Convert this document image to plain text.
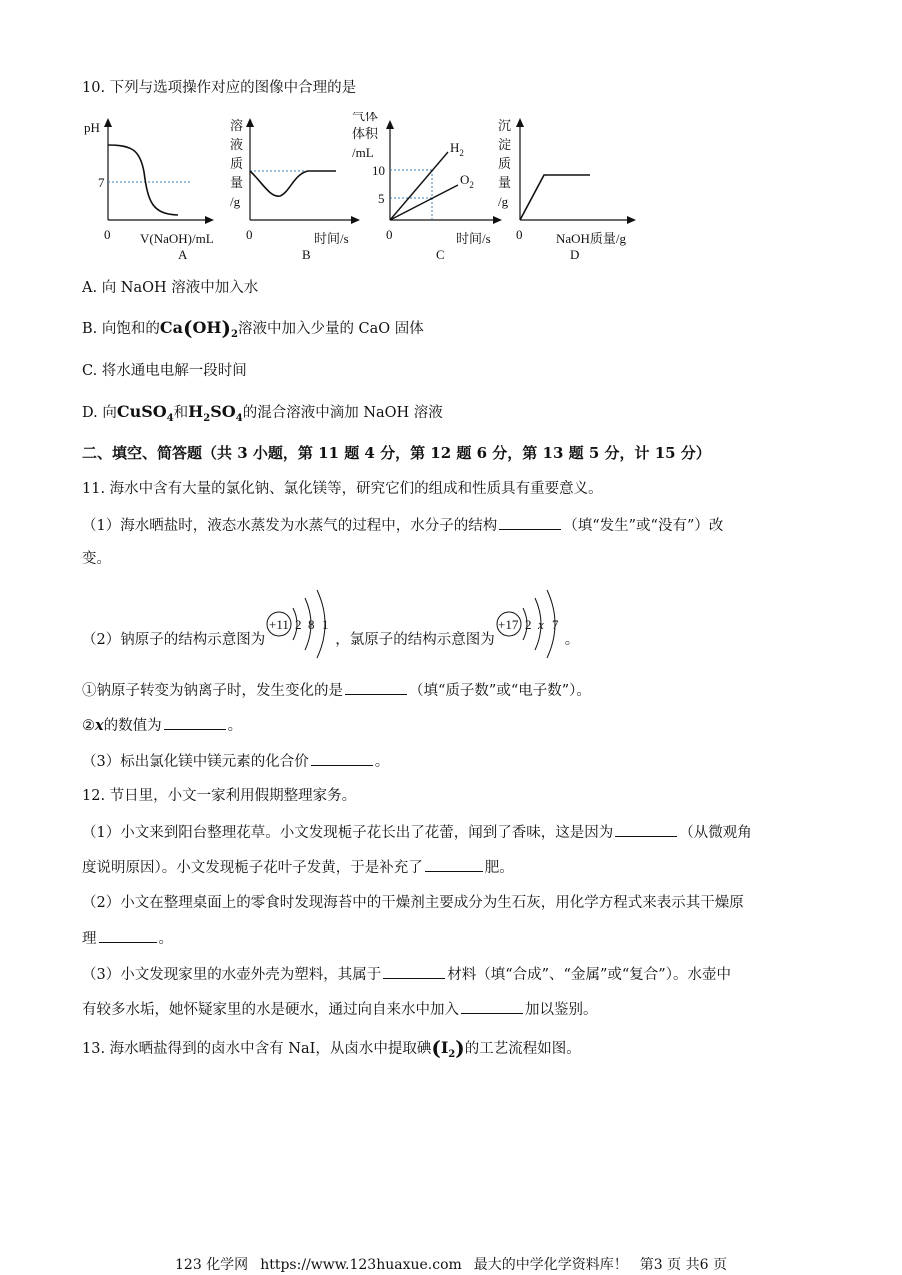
10. 下列与选项操作对应的图像中合理的是
pH
7
0 V(NaOH)/mL
A
溶
液
质
量
/g
0	时间/s
B
气体
体积
/mL
10
5
$H_2$
$O_2$
0	时间/s
C
沉
淀
质
量
/g
0	NaOH质量/g
D
A. 向 NaOH 溶液中加入水
B. 向饱和的$Ca(OH)_2$溶液中加入少量的 CaO 固体
C. 将水通电电解一段时间
D. 向CuSO$_4$和$H_2SO_4$的混合溶液中滴加 NaOH 溶液
二、填空、简答题（共 3 小题，第 11 题 4 分，第 12 题 6 分，第 13 题 5 分，计 15 分）
11. 海水中含有大量的氯化钠、氯化镁等，研究它们的组成和性质具有重要意义。
（1）海水晒盐时，液态水蒸发为水蒸气的过程中，水分子的结构	（填“发生”或“没有”）改
变。
（2）钠原子的结构示意图为
+11 2 8 1
，氯原子的结构示意图为
+17 2 x 7
。
①钠原子转变为钠离子时，发生变化的是	（填“质子数”或“电子数”）。
②x的数值为	。
（3）标出氯化镁中镁元素的化合价	。
12. 节日里，小文一家利用假期整理家务。
（1）小文来到阳台整理花草。小文发现栀子花长出了花蕾，闻到了香味，这是因为	（从微观角
度说明原因）。小文发现栀子花叶子发黄，于是补充了	肥。
（2）小文在整理桌面上的零食时发现海苔中的干燥剂主要成分为生石灰，用化学方程式来表示其干燥原
理	。
（3）小文发现家里的水壶外壳为塑料，其属于	材料（填“合成”、“金属”或“复合”）。水壶中
有较多水垢，她怀疑家里的水是硬水，通过向自来水中加入	加以鉴别。
13. 海水晒盐得到的卤水中含有 NaI，从卤水中提取碘$(I_2)$的工艺流程如图。
123 化学网 https://www.123huaxue.com 最大的中学化学资料库！ 第3 页 共6 页
